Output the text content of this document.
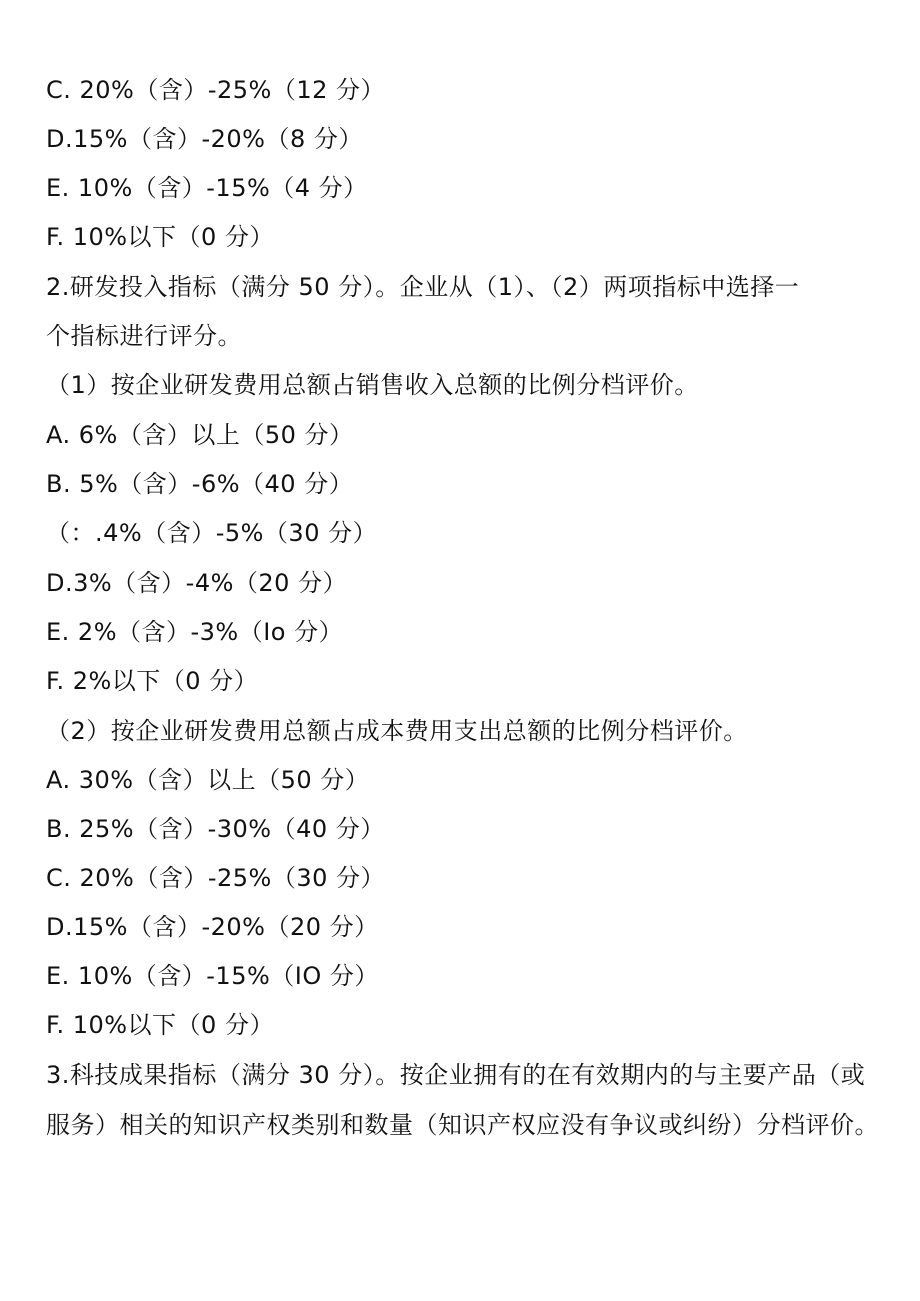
C. 20%（含）-25%（12 分）
D.15%（含）-20%（8 分）
E. 10%（含）-15%（4 分）
F. 10%以下（0 分）
2.研发投入指标（满分 50 分）。企业从（1）、（2）两项指标中选择一
个指标进行评分。
（1）按企业研发费用总额占销售收入总额的比例分档评价。
A. 6%（含）以上（50 分）
B. 5%（含）-6%（40 分）
（：.4%（含）-5%（30 分）
D.3%（含）-4%（20 分）
E. 2%（含）-3%（Io 分）
F. 2%以下（0 分）
（2）按企业研发费用总额占成本费用支出总额的比例分档评价。
A. 30%（含）以上（50 分）
B. 25%（含）-30%（40 分）
C. 20%（含）-25%（30 分）
D.15%（含）-20%（20 分）
E. 10%（含）-15%（IO 分）
F. 10%以下（0 分）
3.科技成果指标（满分 30 分）。按企业拥有的在有效期内的与主要产品（或
服务）相关的知识产权类别和数量（知识产权应没有争议或纠纷）分档评价。
